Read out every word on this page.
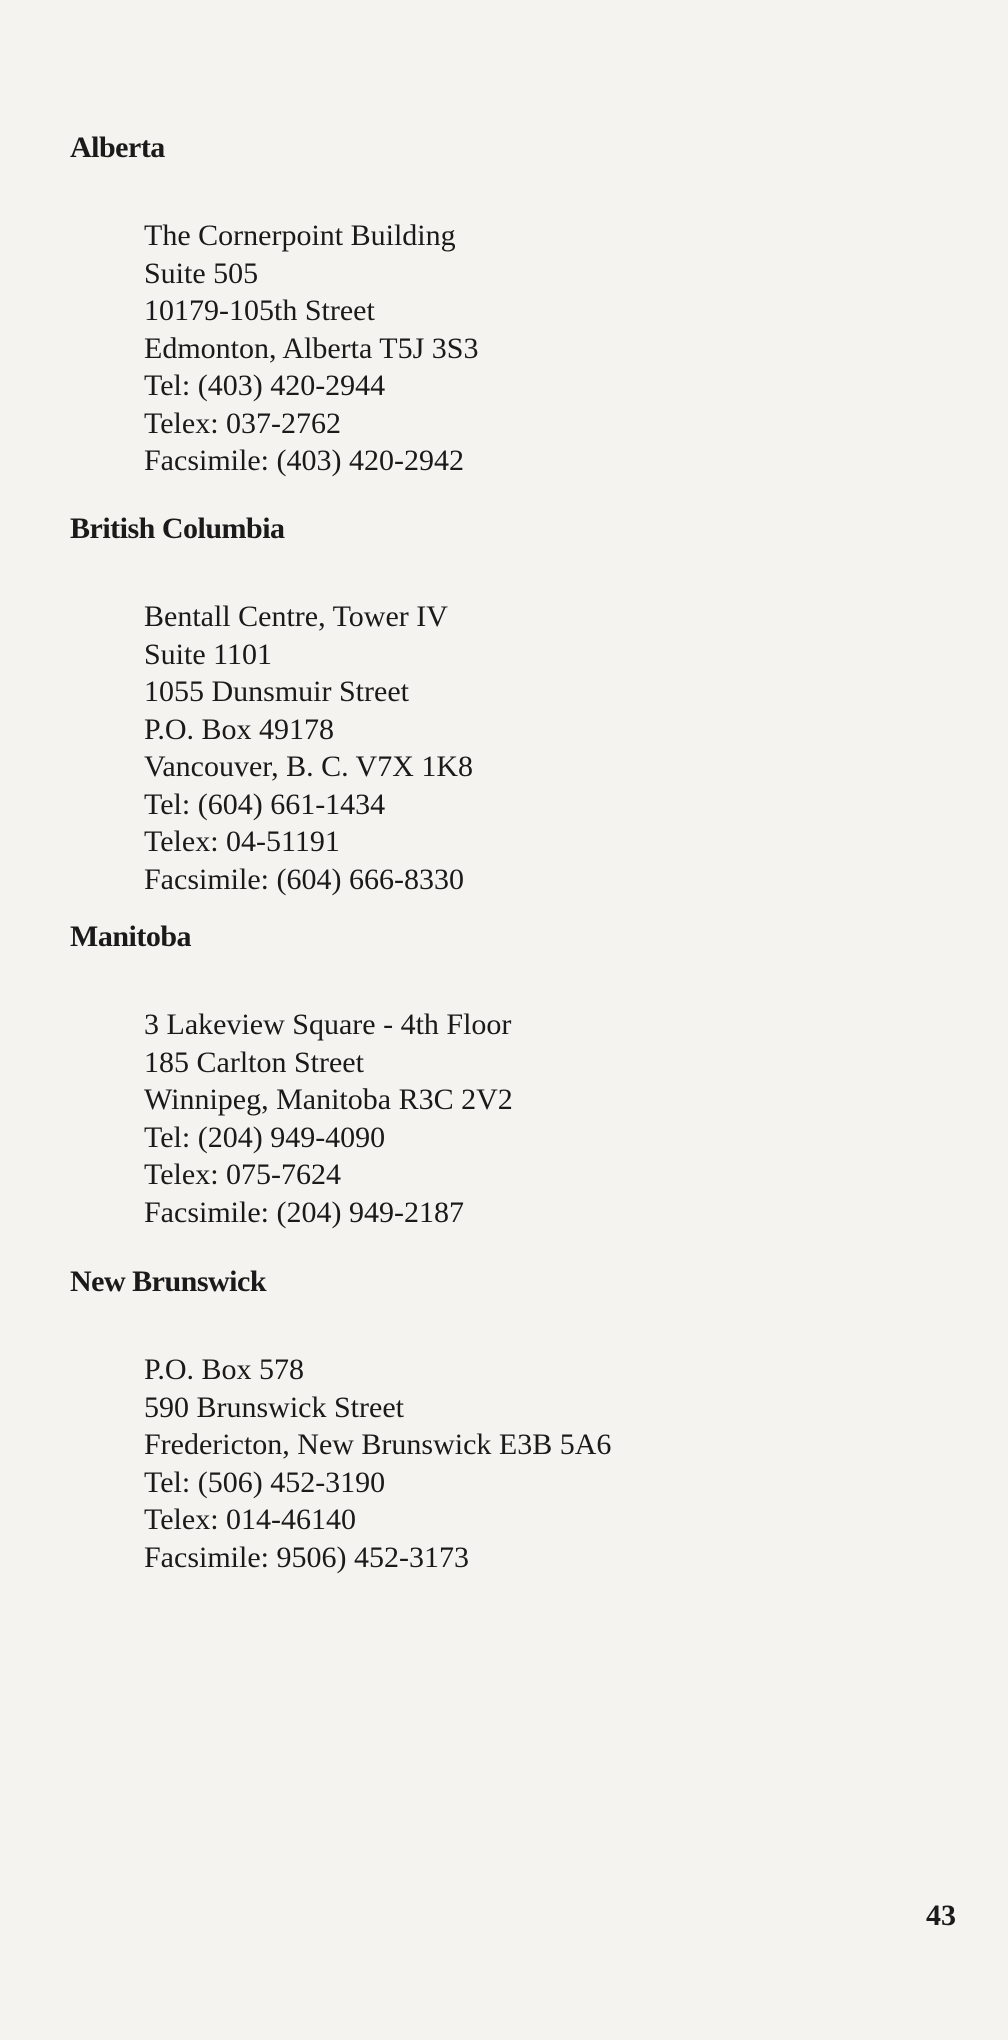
Alberta
The Cornerpoint Building
Suite 505
10179-105th Street
Edmonton, Alberta T5J 3S3
Tel: (403) 420-2944
Telex: 037-2762
Facsimile: (403) 420-2942
British Columbia
Bentall Centre, Tower IV
Suite 1101
1055 Dunsmuir Street
P.O. Box 49178
Vancouver, B. C. V7X 1K8
Tel: (604) 661-1434
Telex: 04-51191
Facsimile: (604) 666-8330
Manitoba
3 Lakeview Square - 4th Floor
185 Carlton Street
Winnipeg, Manitoba R3C 2V2
Tel: (204) 949-4090
Telex: 075-7624
Facsimile: (204) 949-2187
New Brunswick
P.O. Box 578
590 Brunswick Street
Fredericton, New Brunswick E3B 5A6
Tel: (506) 452-3190
Telex: 014-46140
Facsimile: 9506) 452-3173
43
